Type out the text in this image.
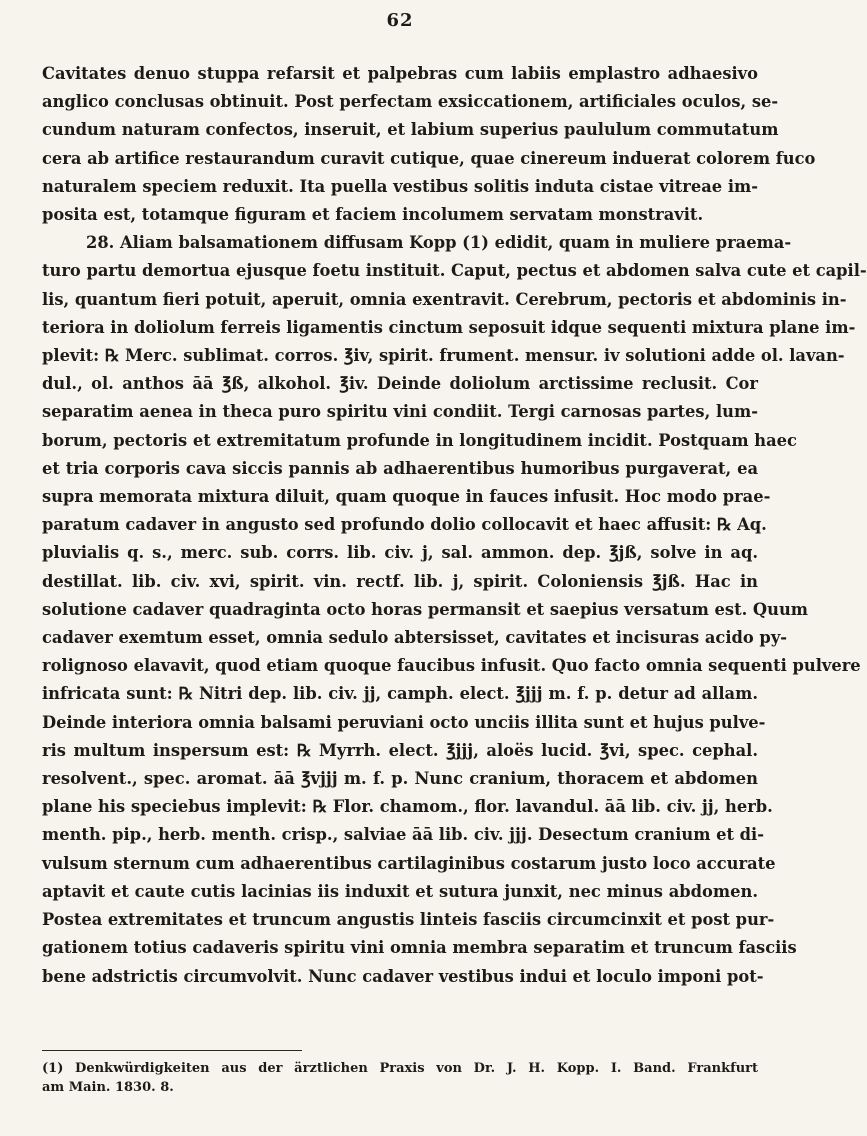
62
Cavitates denuo stuppa refarsit et palpebras cum labiis emplastro adhaesivo
anglico conclusas obtinuit. Post perfectam exsiccationem, artificiales oculos, se-
cundum naturam confectos, inseruit, et labium superius paululum commutatum
cera ab artifice restaurandum curavit cutique, quae cinereum induerat colorem fuco
naturalem speciem reduxit. Ita puella vestibus solitis induta cistae vitreae im-
posita est, totamque figuram et faciem incolumem servatam monstravit.
28. Aliam balsamationem diffusam Kopp (1) edidit, quam in muliere praema-
turo partu demortua ejusque foetu instituit. Caput, pectus et abdomen salva cute et capil-
lis, quantum fieri potuit, aperuit, omnia exentravit. Cerebrum, pectoris et abdominis in-
teriora in doliolum ferreis ligamentis cinctum seposuit idque sequenti mixtura plane im-
plevit: ℞ Merc. sublimat. corros. ℥iv, spirit. frument. mensur. iv solutioni adde ol. lavan-
dul., ol. anthos āā ℥ß, alkohol. ℥iv. Deinde doliolum arctissime reclusit. Cor
separatim aenea in theca puro spiritu vini condiit. Tergi carnosas partes, lum-
borum, pectoris et extremitatum profunde in longitudinem incidit. Postquam haec
et tria corporis cava siccis pannis ab adhaerentibus humoribus purgaverat, ea
supra memorata mixtura diluit, quam quoque in fauces infusit. Hoc modo prae-
paratum cadaver in angusto sed profundo dolio collocavit et haec affusit: ℞ Aq.
pluvialis q. s., merc. sub. corrs. lib. civ. j, sal. ammon. dep. ℥jß, solve in aq.
destillat. lib. civ. xvi, spirit. vin. rectf. lib. j, spirit. Coloniensis ℥jß. Hac in
solutione cadaver quadraginta octo horas permansit et saepius versatum est. Quum
cadaver exemtum esset, omnia sedulo abtersisset, cavitates et incisuras acido py-
rolignoso elavavit, quod etiam quoque faucibus infusit. Quo facto omnia sequenti pulvere
infricata sunt: ℞ Nitri dep. lib. civ. jj, camph. elect. ℥jjj m. f. p. detur ad allam.
Deinde interiora omnia balsami peruviani octo unciis illita sunt et hujus pulve-
ris multum inspersum est: ℞ Myrrh. elect. ℥jjj, aloës lucid. ℥vi, spec. cephal.
resolvent., spec. aromat. āā ℥vjjj m. f. p. Nunc cranium, thoracem et abdomen
plane his speciebus implevit: ℞ Flor. chamom., flor. lavandul. āā lib. civ. jj, herb.
menth. pip., herb. menth. crisp., salviae āā lib. civ. jjj. Desectum cranium et di-
vulsum sternum cum adhaerentibus cartilaginibus costarum justo loco accurate
aptavit et caute cutis lacinias iis induxit et sutura junxit, nec minus abdomen.
Postea extremitates et truncum angustis linteis fasciis circumcinxit et post pur-
gationem totius cadaveris spiritu vini omnia membra separatim et truncum fasciis
bene adstrictis circumvolvit. Nunc cadaver vestibus indui et loculo imponi pot-
(1) Denkwürdigkeiten aus der ärztlichen Praxis von Dr. J. H. Kopp. I. Band. Frankfurt
am Main. 1830. 8.
